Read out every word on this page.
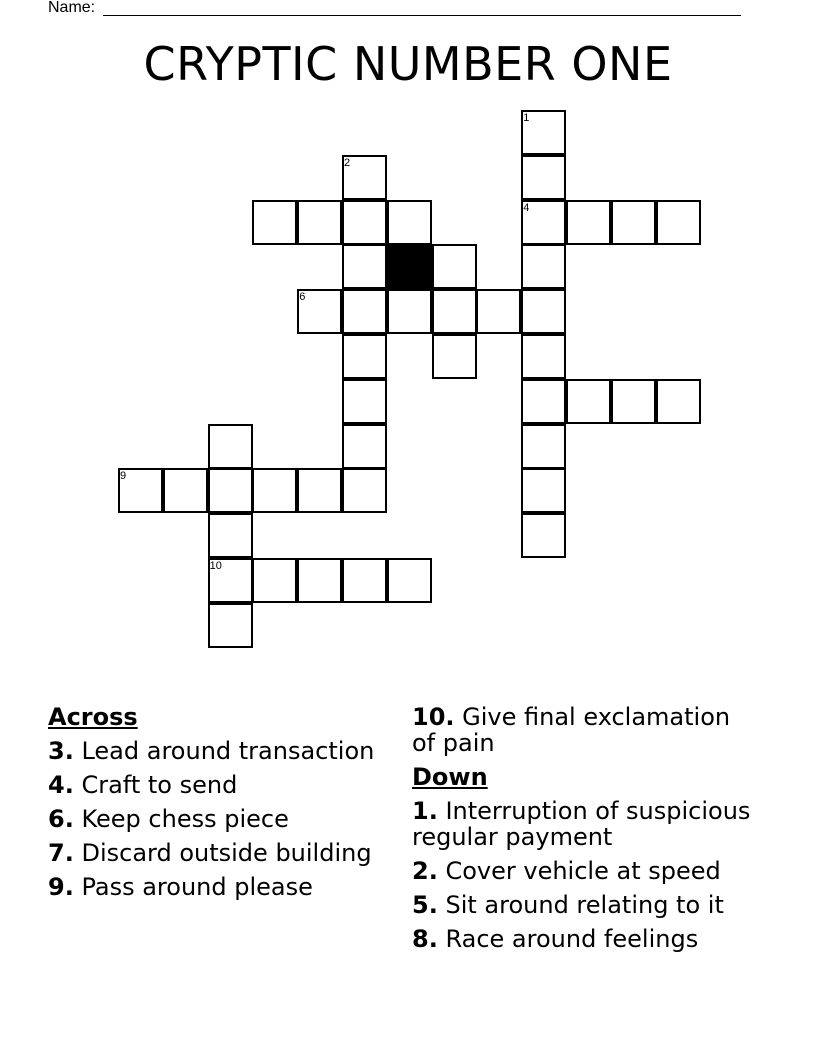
Name:
CRYPTIC NUMBER ONE
1
4
2
6
10
9
Across
3. Lead around transaction
4. Craft to send
6. Keep chess piece
7. Discard outside building
9. Pass around please
10. Give final exclamation of pain
Down
1. Interruption of suspicious regular payment
2. Cover vehicle at speed
5. Sit around relating to it
8. Race around feelings
